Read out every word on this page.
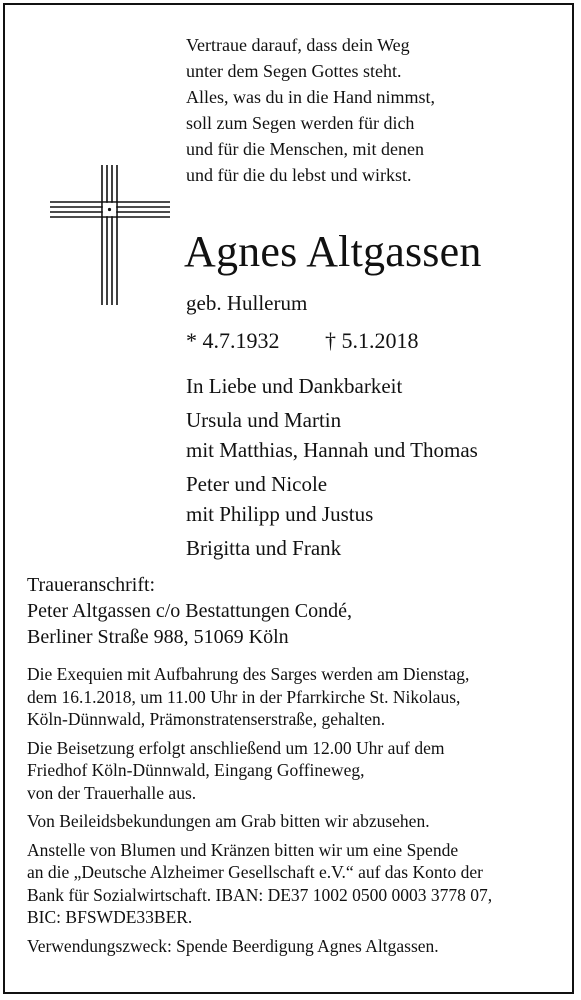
Vertraue darauf, dass dein Weg
unter dem Segen Gottes steht.
Alles, was du in die Hand nimmst,
soll zum Segen werden für dich
und für die Menschen, mit denen
und für die du lebst und wirkst.
Agnes Altgassen
geb. Hullerum
* 4.7.1932 † 5.1.2018
In Liebe und Dankbarkeit
Ursula und Martin
mit Matthias, Hannah und Thomas
Peter und Nicole
mit Philipp und Justus
Brigitta und Frank
Traueranschrift:
Peter Altgassen c/o Bestattungen Condé,
Berliner Straße 988, 51069 Köln
Die Exequien mit Aufbahrung des Sarges werden am Dienstag,
dem 16.1.2018, um 11.00 Uhr in der Pfarrkirche St. Nikolaus,
Köln-Dünnwald, Prämonstratenserstraße, gehalten.
Die Beisetzung erfolgt anschließend um 12.00 Uhr auf dem
Friedhof Köln-Dünnwald, Eingang Goffineweg,
von der Trauerhalle aus.
Von Beileidsbekundungen am Grab bitten wir abzusehen.
Anstelle von Blumen und Kränzen bitten wir um eine Spende
an die „Deutsche Alzheimer Gesellschaft e.V.“ auf das Konto der
Bank für Sozialwirtschaft. IBAN: DE37 1002 0500 0003 3778 07,
BIC: BFSWDE33BER.
Verwendungszweck: Spende Beerdigung Agnes Altgassen.
